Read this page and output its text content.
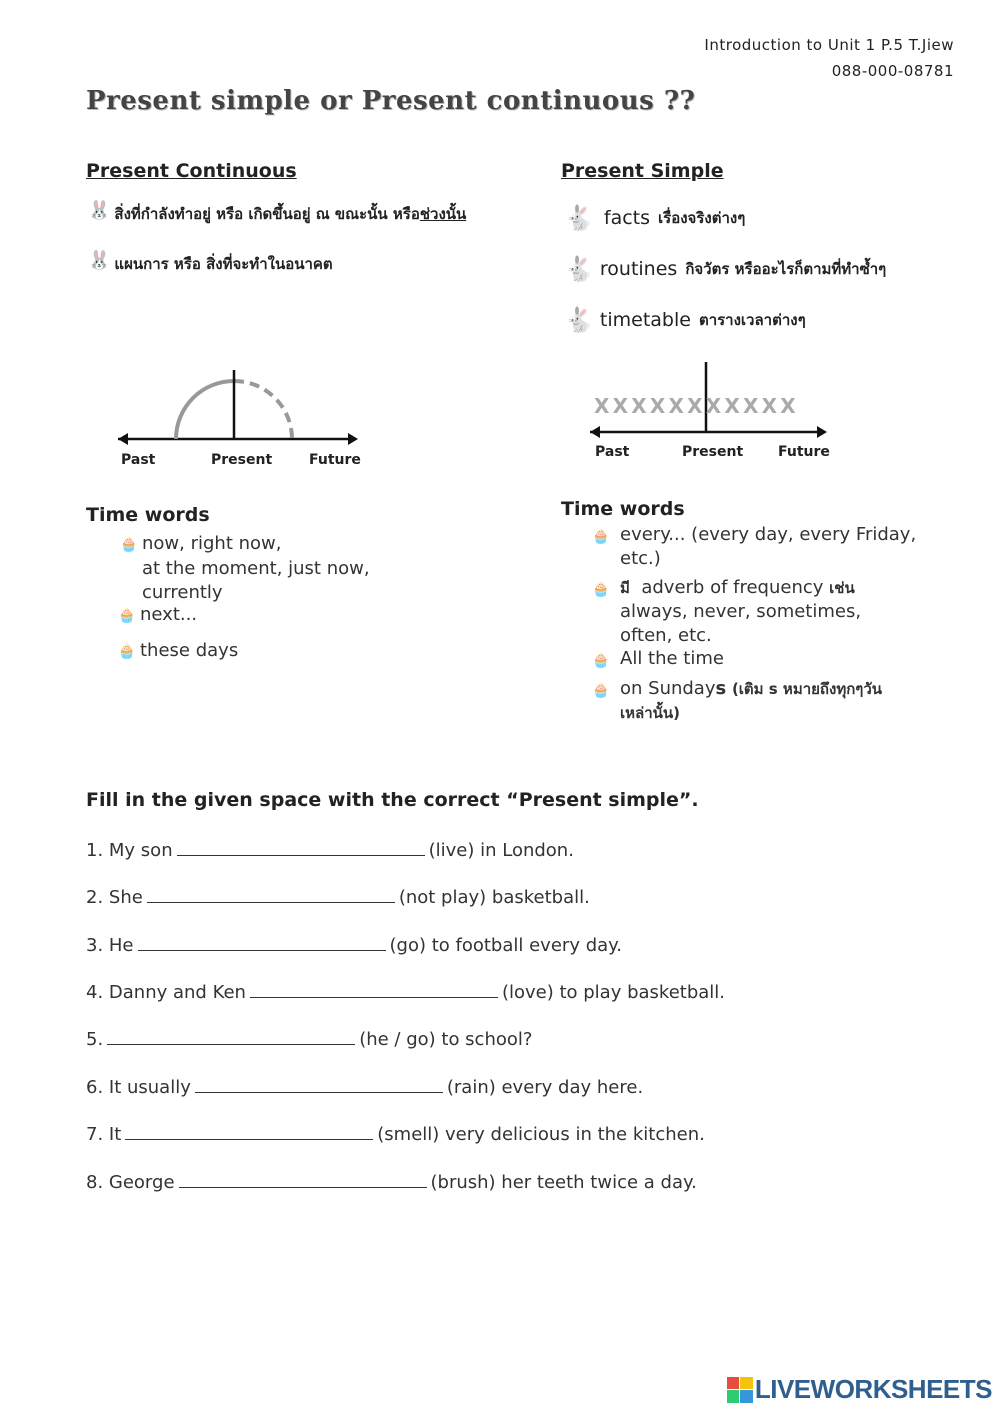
Introduction to Unit 1 P.5 T.Jiew
088-000-08781
Present simple or Present continuous ??
Present Continuous
🐰 สิ่งที่กำลังทำอยู่ หรือ เกิดขึ้นอยู่ ณ ขณะนั้น หรือช่วงนั้น
🐰 แผนการ หรือ สิ่งที่จะทำในอนาคต
Past	Present	Future
Time words
🧁 now, right now,
at the moment, just now,
currently
🧁 next...
🧁 these days
Present Simple
🐇 facts เรื่องจริงต่างๆ
🐇 routines กิจวัตร หรืออะไรก็ตามที่ทำซ้ำๆ
🐇 timetable ตารางเวลาต่างๆ
XXXXXXXXXXX
Past	Present Future
Time words
🧁 every... (every day, every Friday,
etc.)
🧁 มี adverb of frequency เช่น
always, never, sometimes,
often, etc.
🧁 All the time
🧁 on Sundays (เติม s หมายถึงทุกๆวัน
เหล่านั้น)
Fill in the given space with the correct “Present simple”.
1. My son	(live) in London.
2. She	(not play) basketball.
3. He	(go) to football every day.
4. Danny and Ken	(love) to play basketball.
5.	(he / go) to school?
6. It usually	(rain) every day here.
7. It	(smell) very delicious in the kitchen.
8. George	(brush) her teeth twice a day.
LIVEWORKSHEETS
